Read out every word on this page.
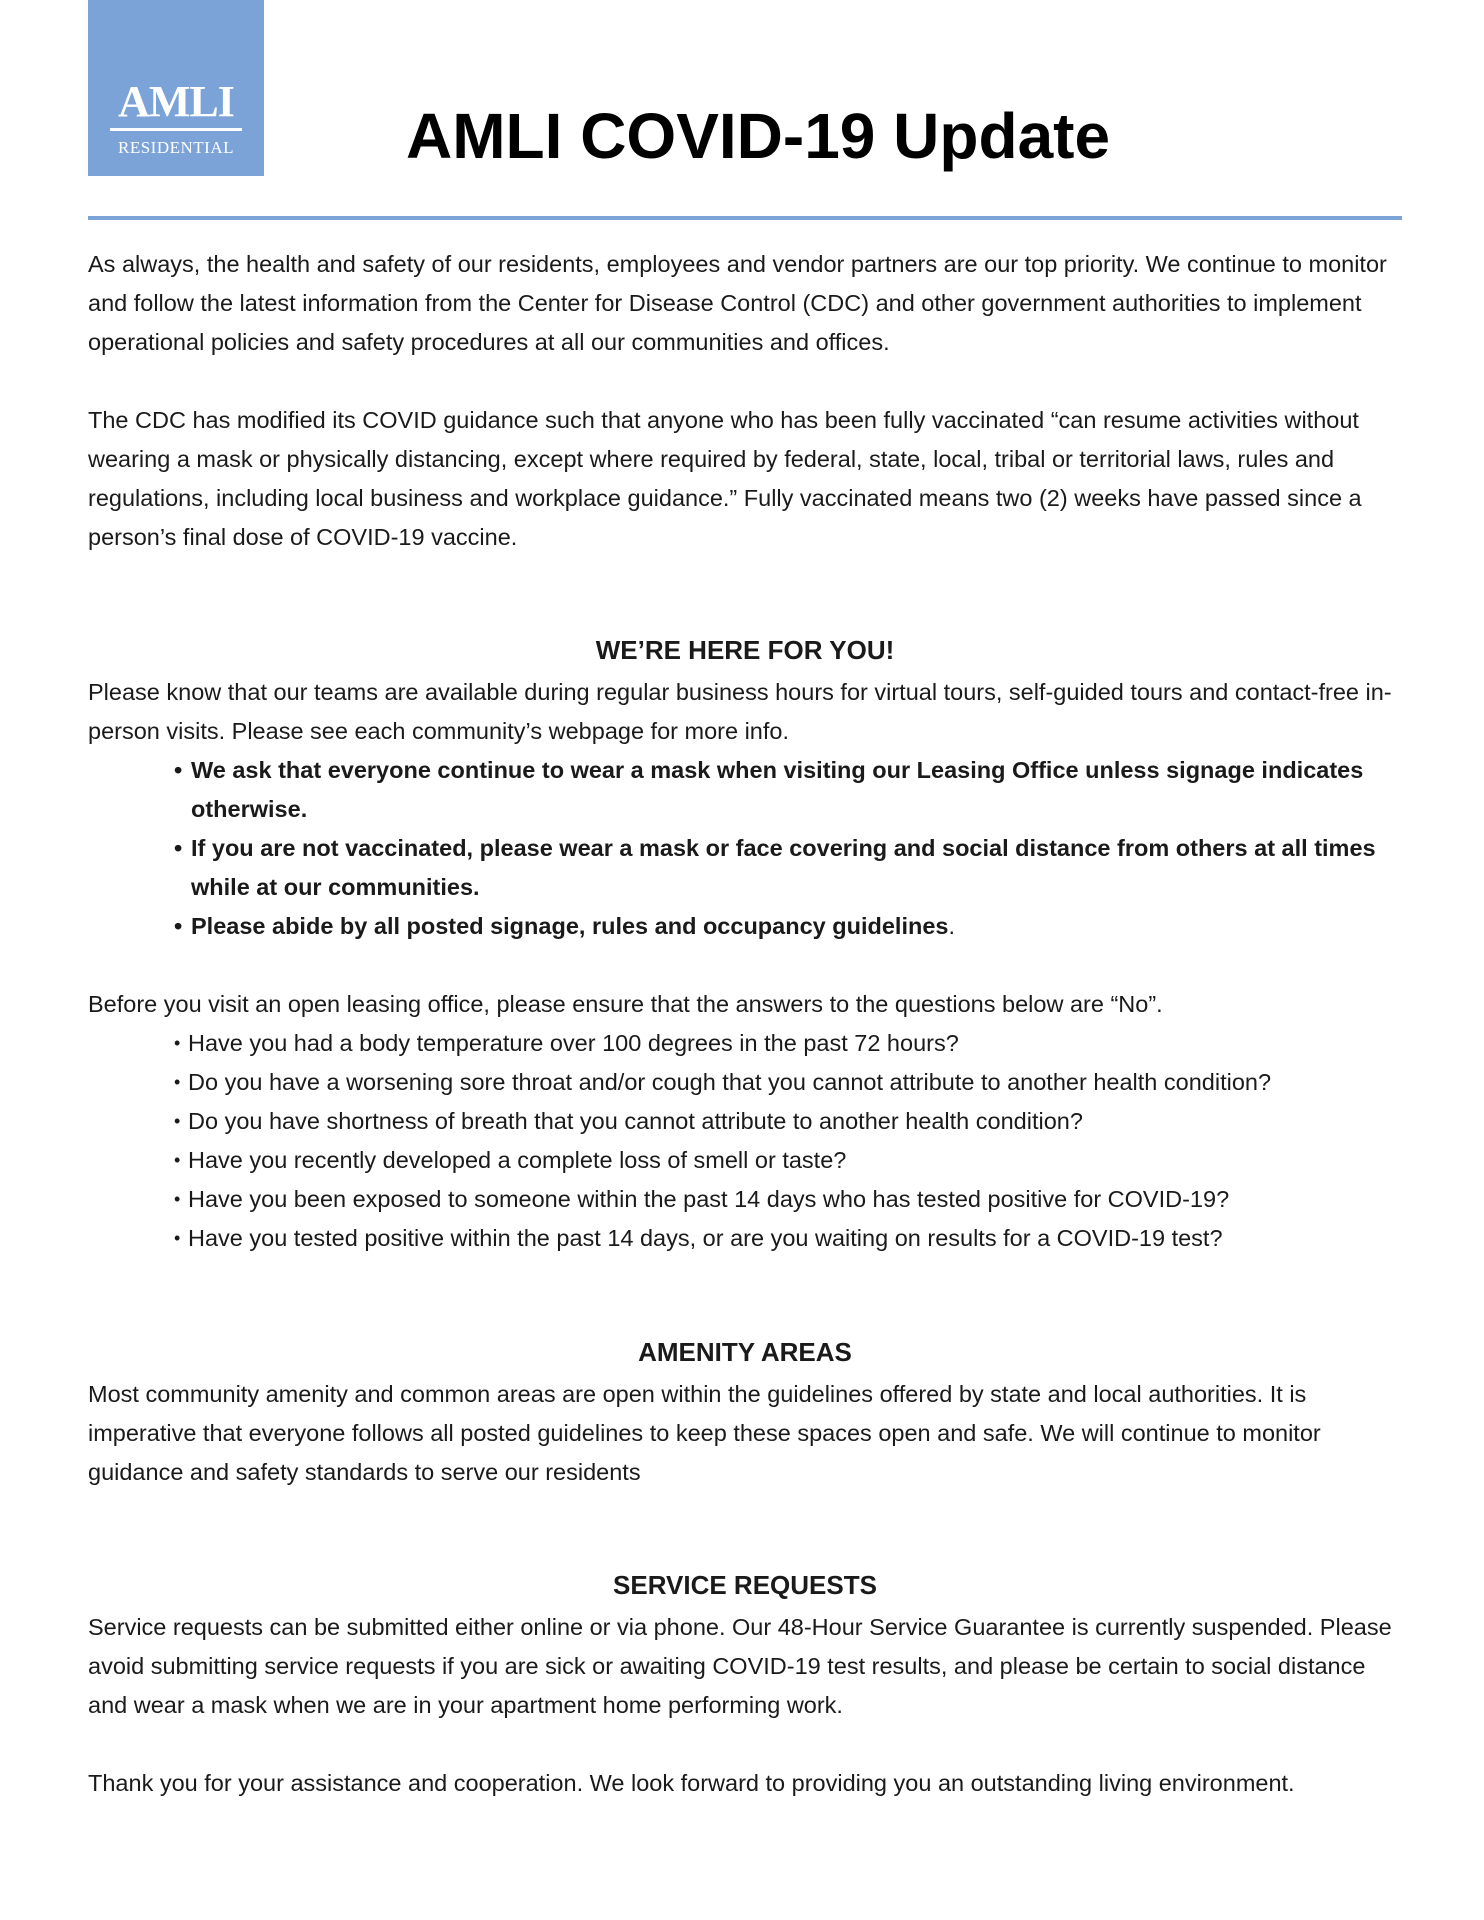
AMLI
RESIDENTIAL	AMLI COVID-19 Update

As always, the health and safety of our residents, employees and vendor partners are our top priority. We continue to monitor and follow the latest information from the Center for Disease Control (CDC) and other government authorities to implement operational policies and safety procedures at all our communities and offices.

The CDC has modified its COVID guidance such that anyone who has been fully vaccinated “can resume activities without wearing a mask or physically distancing, except where required by federal, state, local, tribal or territorial laws, rules and regulations, including local business and workplace guidance.” Fully vaccinated means two (2) weeks have passed since a person’s final dose of COVID-19 vaccine.

WE’RE HERE FOR YOU!

Please know that our teams are available during regular business hours for virtual tours, self-guided tours and contact-free in-person visits. Please see each community’s webpage for more info.

• We ask that everyone continue to wear a mask when visiting our Leasing Office unless signage indicates otherwise.
• If you are not vaccinated, please wear a mask or face covering and social distance from others at all times while at our communities.
• Please abide by all posted signage, rules and occupancy guidelines.

Before you visit an open leasing office, please ensure that the answers to the questions below are “No”.

• Have you had a body temperature over 100 degrees in the past 72 hours?
• Do you have a worsening sore throat and/or cough that you cannot attribute to another health condition?
• Do you have shortness of breath that you cannot attribute to another health condition?
• Have you recently developed a complete loss of smell or taste?
• Have you been exposed to someone within the past 14 days who has tested positive for COVID-19?
• Have you tested positive within the past 14 days, or are you waiting on results for a COVID-19 test?
AMENITY AREAS

Most community amenity and common areas are open within the guidelines offered by state and local authorities. It is imperative that everyone follows all posted guidelines to keep these spaces open and safe. We will continue to monitor guidance and safety standards to serve our residents

SERVICE REQUESTS

Service requests can be submitted either online or via phone. Our 48-Hour Service Guarantee is currently suspended. Please avoid submitting service requests if you are sick or awaiting COVID-19 test results, and please be certain to social distance and wear a mask when we are in your apartment home performing work.

Thank you for your assistance and cooperation. We look forward to providing you an outstanding living environment.
